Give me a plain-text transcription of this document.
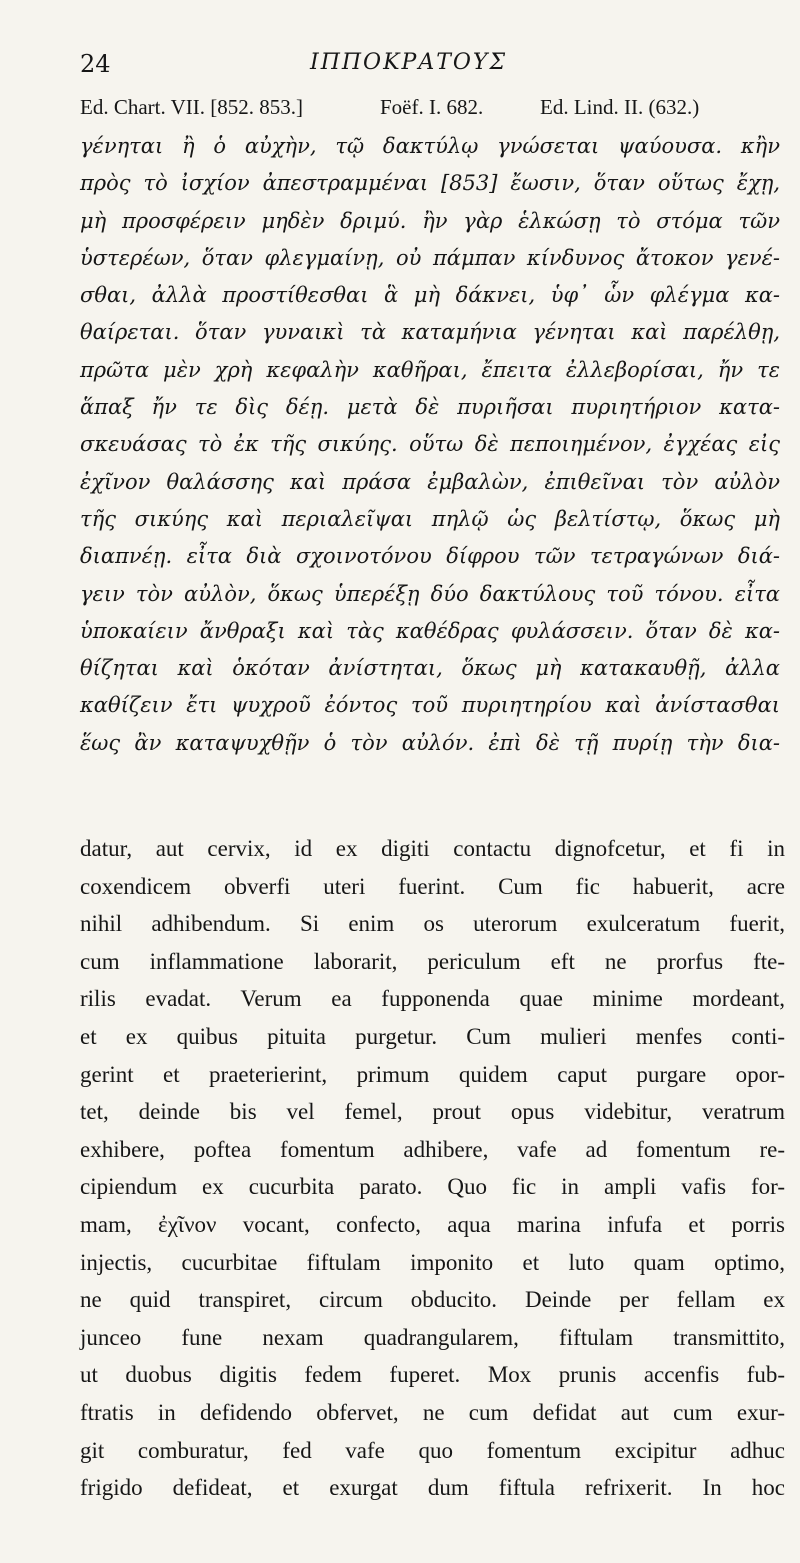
24	ΙΠΠΟΚΡΑΤΟΥΣ
Ed. Chart. VII. [852. 853.]	Foëf. I. 682.	Ed. Lind. II. (632.)
γένηται ἢ ὁ αὐχὴν, τῷ δακτύλῳ γνώσεται ψαύουσα. κἢν
πρὸς τὸ ἰσχίον ἀπεστραμμέναι [853] ἔωσιν, ὅταν οὕτως ἔχῃ,
μὴ προσφέρειν μηδὲν δριμύ. ἢν γὰρ ἑλκώσῃ τὸ στόμα τῶν
ὑστερέων, ὅταν φλεγμαίνῃ, οὐ πάμπαν κίνδυνος ἄτοκον γενέ-
σθαι, ἀλλὰ προστίθεσθαι ἃ μὴ δάκνει, ὑφ᾽ ὧν φλέγμα κα-
θαίρεται. ὅταν γυναικὶ τὰ καταμήνια γένηται καὶ παρέλθῃ,
πρῶτα μὲν χρὴ κεφαλὴν καθῆραι, ἔπειτα ἐλλεβορίσαι, ἤν τε
ἅπαξ ἤν τε δὶς δέῃ. μετὰ δὲ πυριῆσαι πυριητήριον κατα-
σκευάσας τὸ ἐκ τῆς σικύης. οὕτω δὲ πεποιημένον, ἐγχέας εἰς
ἐχῖνον θαλάσσης καὶ πράσα ἐμβαλὼν, ἐπιθεῖναι τὸν αὐλὸν
τῆς σικύης καὶ περιαλεῖψαι πηλῷ ὡς βελτίστῳ, ὅκως μὴ
διαπνέῃ. εἶτα διὰ σχοινοτόνου δίφρου τῶν τετραγώνων διά-
γειν τὸν αὐλὸν, ὅκως ὑπερέξῃ δύο δακτύλους τοῦ τόνου. εἶτα
ὑποκαίειν ἄνθραξι καὶ τὰς καθέδρας φυλάσσειν. ὅταν δὲ κα-
θίζηται καὶ ὁκόταν ἀνίστηται, ὅκως μὴ κατακαυθῇ, ἀλλα
καθίζειν ἔτι ψυχροῦ ἐόντος τοῦ πυριητηρίου καὶ ἀνίστασθαι
ἕως ἂν καταψυχθῇν ὁ τὸν αὐλόν. ἐπὶ δὲ τῇ πυρίῃ τὴν δια-
datur, aut cervix, id ex digiti contactu dignofcetur, et fi in
coxendicem obverfi uteri fuerint. Cum fic habuerit, acre
nihil adhibendum. Si enim os uterorum exulceratum fuerit,
cum inflammatione laborarit, periculum eft ne prorfus fte-
rilis evadat. Verum ea fupponenda quae minime mordeant,
et ex quibus pituita purgetur. Cum mulieri menfes conti-
gerint et praeterierint, primum quidem caput purgare opor-
tet, deinde bis vel femel, prout opus videbitur, veratrum
exhibere, poftea fomentum adhibere, vafe ad fomentum re-
cipiendum ex cucurbita parato. Quo fic in ampli vafis for-
mam, ἐχῖνον vocant, confecto, aqua marina infufa et porris
injectis, cucurbitae fiftulam imponito et luto quam optimo,
ne quid transpiret, circum obducito. Deinde per fellam ex
junceo fune nexam quadrangularem, fiftulam transmittito,
ut duobus digitis fedem fuperet. Mox prunis accenfis fub-
ftratis in defidendo obfervet, ne cum defidat aut cum exur-
git comburatur, fed vafe quo fomentum excipitur adhuc
frigido defideat, et exurgat dum fiftula refrixerit. In hoc
